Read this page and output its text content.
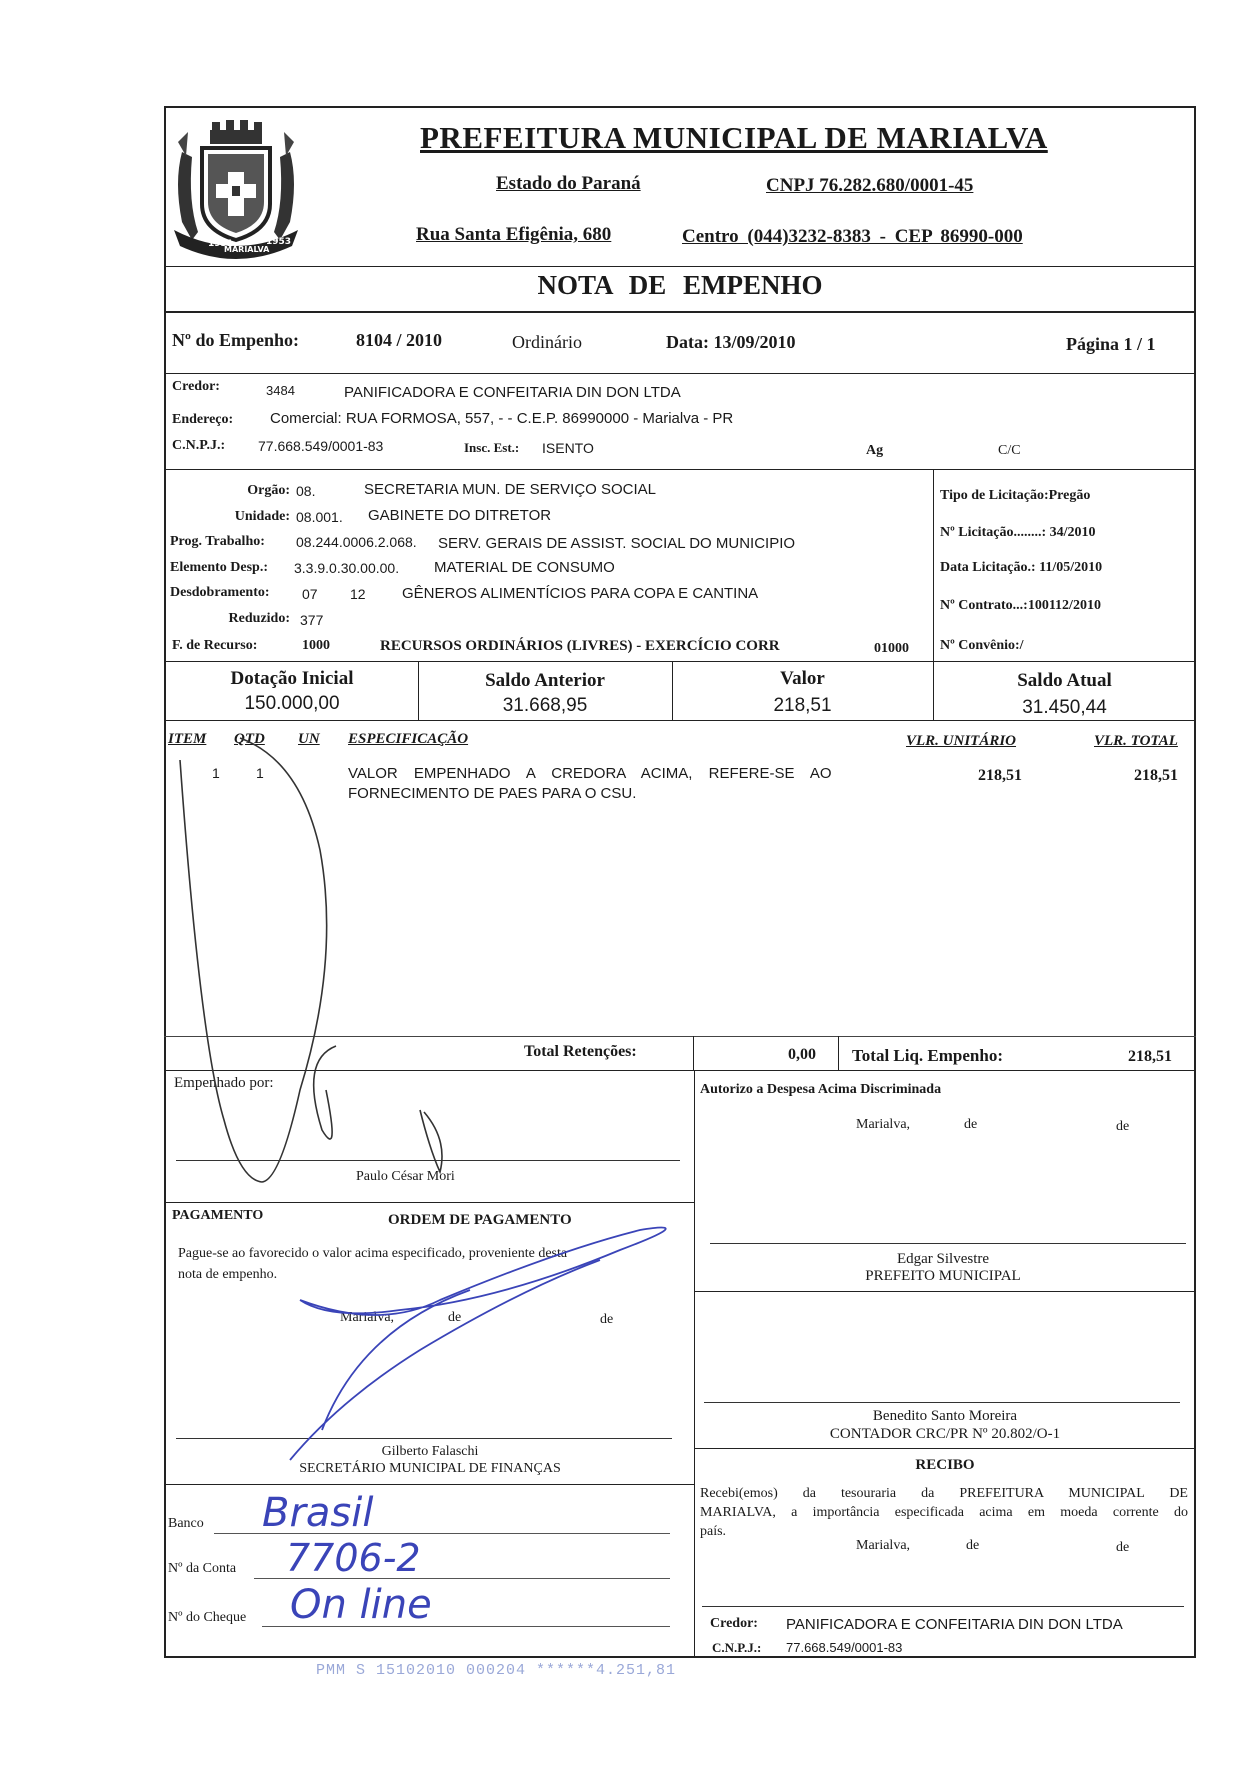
1951
MARIALVA
1953
PREFEITURA MUNICIPAL DE MARIALVA
Estado do Paraná	CNPJ 76.282.680/0001-45
Rua Santa Efigênia, 680	Centro (044)3232-8383 - CEP 86990-000
NOTA DE EMPENHO
Nº do Empenho:	8104 / 2010	Ordinário	Data: 13/09/2010	Página 1 / 1
Credor:	3484	PANIFICADORA E CONFEITARIA DIN DON LTDA
Endereço: Comercial: RUA FORMOSA, 557, - - C.E.P. 86990000 - Marialva - PR
C.N.P.J.: 77.668.549/0001-83	Insc. Est.: ISENTO	Ag	C/C
Orgão: 08.	SECRETARIA MUN. DE SERVIÇO SOCIAL
Unidade: 08.001. GABINETE DO DITRETOR
Prog. Trabalho: 08.244.0006.2.068. SERV. GERAIS DE ASSIST. SOCIAL DO MUNICIPIO
Elemento Desp.: 3.3.9.0.30.00.00. MATERIAL DE CONSUMO
Desdobramento: 07 12 GÊNEROS ALIMENTÍCIOS PARA COPA E CANTINA
Reduzido: 377
F. de Recurso:	1000	RECURSOS ORDINÁRIOS (LIVRES) - EXERCÍCIO CORR	01000
Tipo de Licitação:Pregão
Nº Licitação........: 34/2010
Data Licitação.: 11/05/2010
Nº Contrato...:100112/2010
Nº Convênio:/
Dotação Inicial
150.000,00
Saldo Anterior
31.668,95
Valor
218,51
Saldo Atual
31.450,44
ITEM QTD UN ESPECIFICAÇÃO	VLR. UNITÁRIO	VLR. TOTAL
1	1	VALOR EMPENHADO A CREDORA ACIMA, REFERE-SE AO
FORNECIMENTO DE PAES PARA O CSU.
218,51	218,51
Total Retenções:	0,00 Total Liq. Empenho:	218,51
Empenhado por:
Paulo César Mori
PAGAMENTO	ORDEM DE PAGAMENTO
Pague-se ao favorecido o valor acima especificado, proveniente desta
nota de empenho.
Marialva,	de	de
Gilberto Falaschi
SECRETÁRIO MUNICIPAL DE FINANÇAS
Banco Brasil
Nº da Conta 7706-2
Nº do Cheque On line
Autorizo a Despesa Acima Discriminada
Marialva,	de	de
Edgar Silvestre
PREFEITO MUNICIPAL
Benedito Santo Moreira
CONTADOR CRC/PR Nº 20.802/O-1
RECIBO
Recebi(emos) da tesouraria da PREFEITURA MUNICIPAL DE
MARIALVA, a importância especificada acima em moeda corrente do
país.
Marialva,	de	de
Credor: PANIFICADORA E CONFEITARIA DIN DON LTDA
C.N.P.J.: 77.668.549/0001-83
PMM S 15102010 000204 ******4.251,81
